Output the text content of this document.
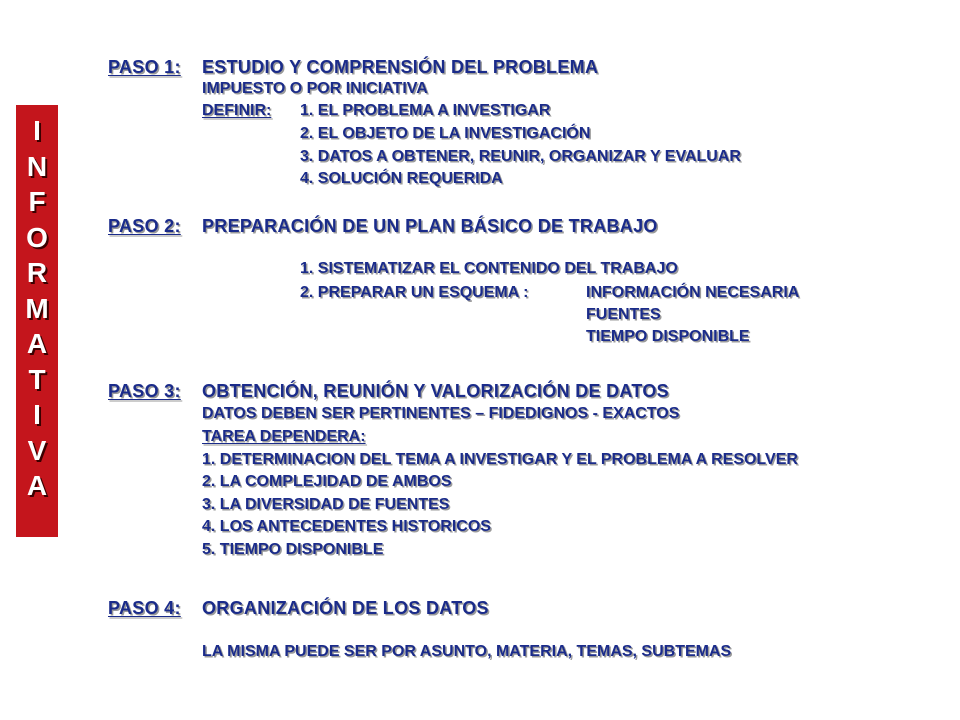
I
N
F
O
R
M
A
T
I
V
A
PASO 1: ESTUDIO Y COMPRENSIÓN DEL PROBLEMA
IMPUESTO O POR INICIATIVA
DEFINIR: 1. EL PROBLEMA A INVESTIGAR
2. EL OBJETO DE LA INVESTIGACIÓN
3. DATOS A OBTENER, REUNIR, ORGANIZAR Y EVALUAR
4. SOLUCIÓN REQUERIDA
PASO 2: PREPARACIÓN DE UN PLAN BÁSICO DE TRABAJO
1. SISTEMATIZAR EL CONTENIDO DEL TRABAJO
2. PREPARAR UN ESQUEMA :	INFORMACIÓN NECESARIA
FUENTES
TIEMPO DISPONIBLE
PASO 3: OBTENCIÓN, REUNIÓN Y VALORIZACIÓN DE DATOS
DATOS DEBEN SER PERTINENTES – FIDEDIGNOS - EXACTOS
TAREA DEPENDERA:
1. DETERMINACION DEL TEMA A INVESTIGAR Y EL PROBLEMA A RESOLVER
2. LA COMPLEJIDAD DE AMBOS
3. LA DIVERSIDAD DE FUENTES
4. LOS ANTECEDENTES HISTORICOS
5. TIEMPO DISPONIBLE
PASO 4: ORGANIZACIÓN DE LOS DATOS
LA MISMA PUEDE SER POR ASUNTO, MATERIA, TEMAS, SUBTEMAS
